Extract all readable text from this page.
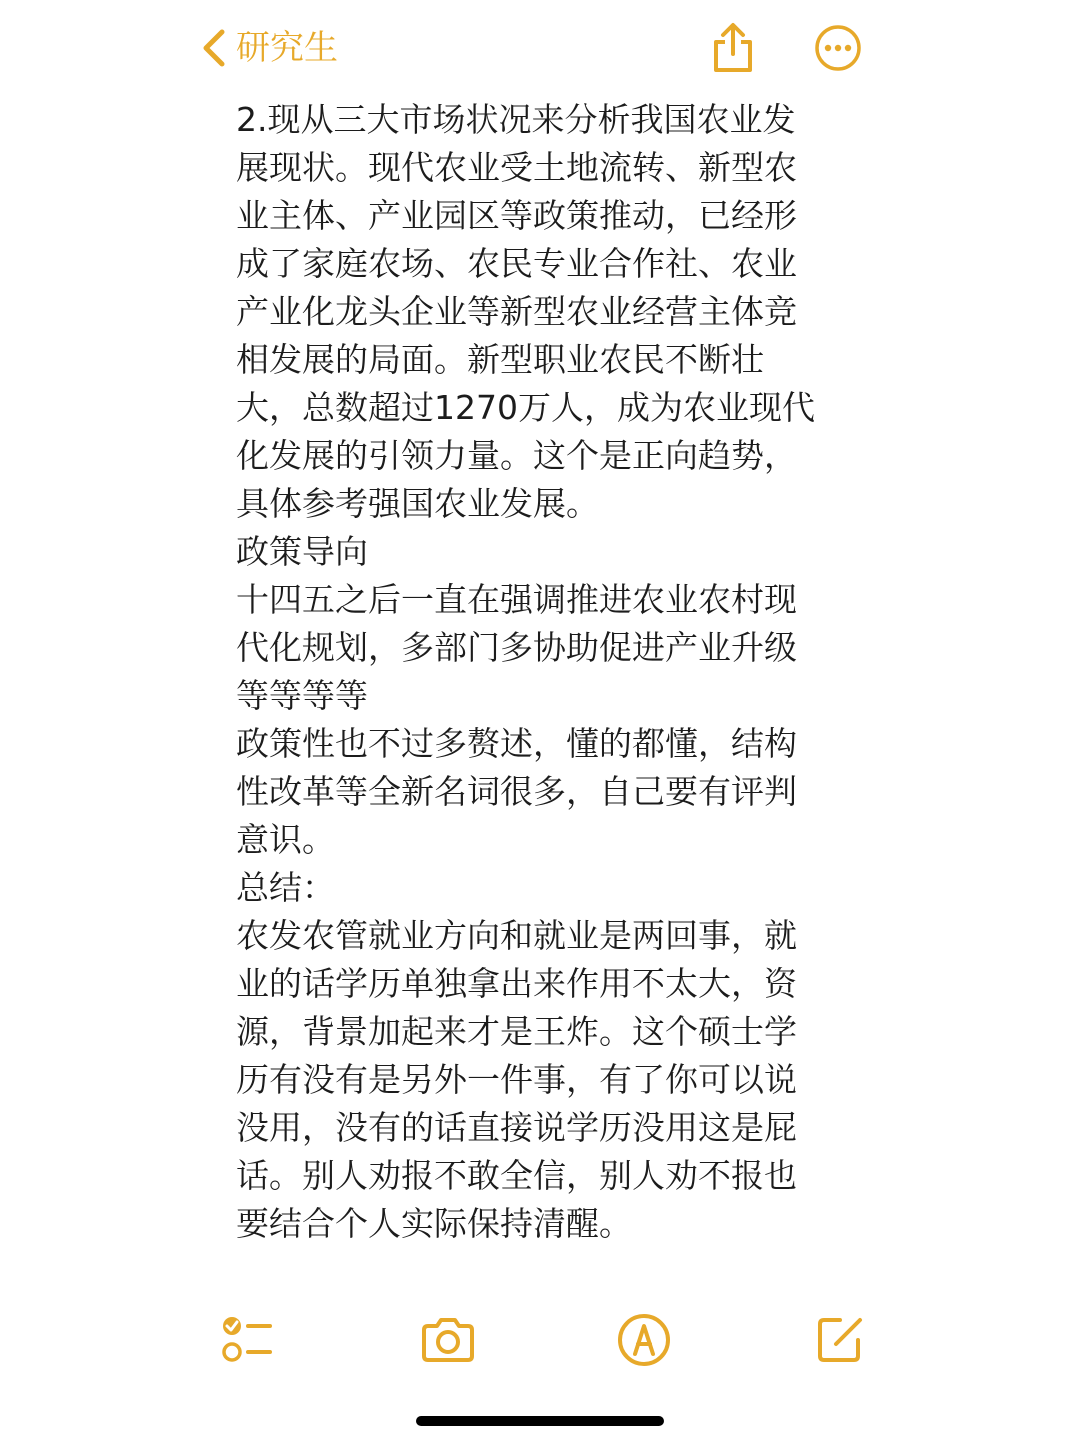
研究生
2.现从三大市场状况来分析我国农业发
展现状。现代农业受土地流转、新型农
业主体、产业园区等政策推动，已经形
成了家庭农场、农民专业合作社、农业
产业化龙头企业等新型农业经营主体竞
相发展的局面。新型职业农民不断壮
大，总数超过1270万人，成为农业现代
化发展的引领力量。这个是正向趋势，
具体参考强国农业发展。
政策导向
十四五之后一直在强调推进农业农村现
代化规划，多部门多协助促进产业升级
等等等等
政策性也不过多赘述，懂的都懂，结构
性改革等全新名词很多，自己要有评判
意识。
总结：
农发农管就业方向和就业是两回事，就
业的话学历单独拿出来作用不太大，资
源，背景加起来才是王炸。这个硕士学
历有没有是另外一件事，有了你可以说
没用，没有的话直接说学历没用这是屁
话。别人劝报不敢全信，别人劝不报也
要结合个人实际保持清醒。
